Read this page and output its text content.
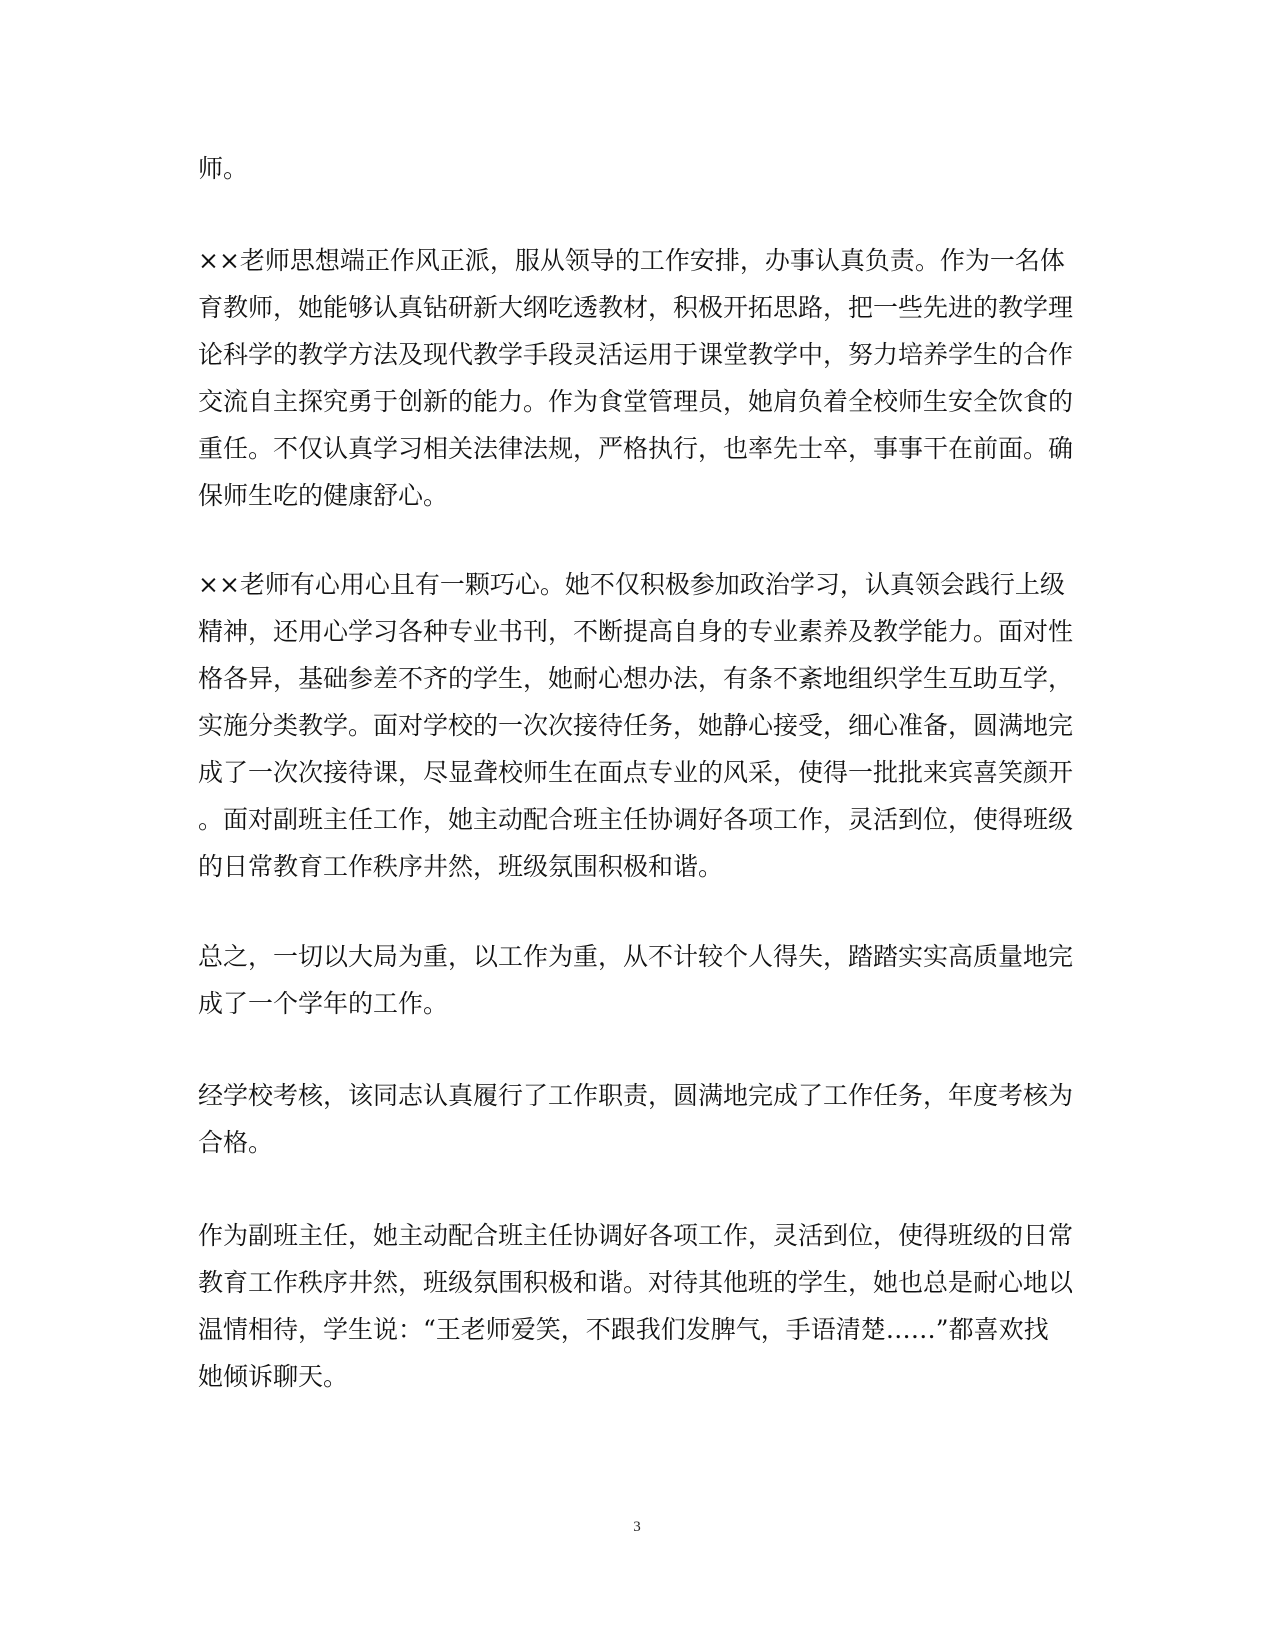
师。
××老师思想端正作风正派，服从领导的工作安排，办事认真负责。作为一名体
育教师，她能够认真钻研新大纲吃透教材，积极开拓思路，把一些先进的教学理
论科学的教学方法及现代教学手段灵活运用于课堂教学中，努力培养学生的合作
交流自主探究勇于创新的能力。作为食堂管理员，她肩负着全校师生安全饮食的
重任。不仅认真学习相关法律法规，严格执行，也率先士卒，事事干在前面。确
保师生吃的健康舒心。
××老师有心用心且有一颗巧心。她不仅积极参加政治学习，认真领会践行上级
精神，还用心学习各种专业书刊，不断提高自身的专业素养及教学能力。面对性
格各异，基础参差不齐的学生，她耐心想办法，有条不紊地组织学生互助互学，
实施分类教学。面对学校的一次次接待任务，她静心接受，细心准备，圆满地完
成了一次次接待课，尽显聋校师生在面点专业的风采，使得一批批来宾喜笑颜开
。面对副班主任工作，她主动配合班主任协调好各项工作，灵活到位，使得班级
的日常教育工作秩序井然，班级氛围积极和谐。
总之，一切以大局为重，以工作为重，从不计较个人得失，踏踏实实高质量地完
成了一个学年的工作。
经学校考核，该同志认真履行了工作职责，圆满地完成了工作任务，年度考核为
合格。
作为副班主任，她主动配合班主任协调好各项工作，灵活到位，使得班级的日常
教育工作秩序井然，班级氛围积极和谐。对待其他班的学生，她也总是耐心地以
温情相待，学生说：“王老师爱笑，不跟我们发脾气，手语清楚……”都喜欢找
她倾诉聊天。
3
